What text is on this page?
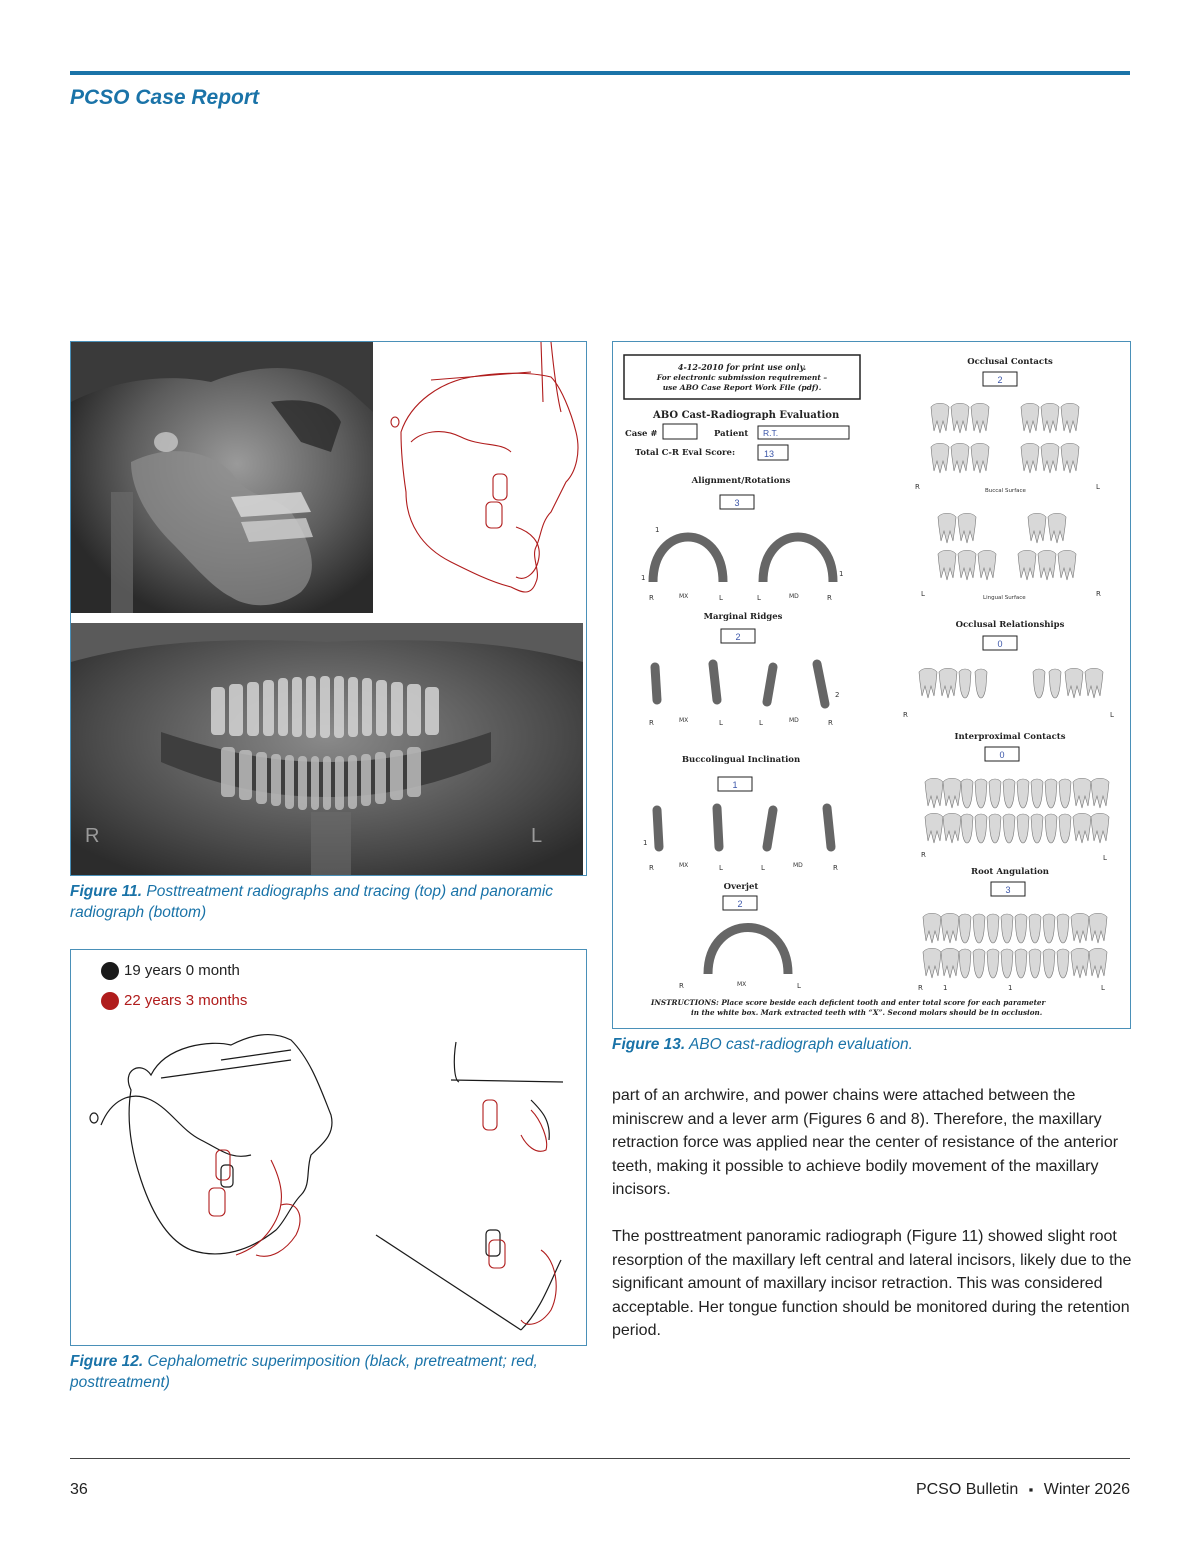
PCSO Case Report
R	L
Figure 11. Posttreatment radiographs and tracing (top) and panoramic radiograph (bottom)
19 years 0 month
22 years 3 months
Figure 12. Cephalometric superimposition (black, pretreatment; red, posttreatment)
4-12-2010 for print use only.
For electronic submission requirement –
use ABO Case Report Work File (pdf).
ABO Cast-Radiograph Evaluation
Case #	Patient R.T.
Total C-R Eval Score:	13
Alignment/Rotations
3
R	MX	L	L	MD	R
1
1	1
Marginal Ridges
2
R	MX	L	L	MD	R
2
Buccolingual Inclination
1
R	MX	L	L	MD	R
1
Overjet
2
R	MX	L
Occlusal Contacts
2
R	Buccal Surface	L
L	Lingual Surface	R
Occlusal Relationships
0
R	L
Interproximal Contacts
0
R	L
Root Angulation
3
R	1	1	L
INSTRUCTIONS: Place score beside each deficient tooth and enter total score for each parameter
in the white box. Mark extracted teeth with “X”. Second molars should be in occlusion.
Figure 13. ABO cast-radiograph evaluation.

part of an archwire, and power chains were attached between the miniscrew and a lever arm (Figures 6 and 8). Therefore, the maxillary retraction force was applied near the center of resistance of the anterior teeth, making it possible to achieve bodily movement of the maxillary incisors.

The posttreatment panoramic radiograph (Figure 11) showed slight root resorption of the maxillary left central and lateral incisors, likely due to the significant amount of maxillary incisor retraction. This was considered acceptable. Her tongue function should be monitored during the retention period.

36	PCSO Bulletin ▪ Winter 2026
